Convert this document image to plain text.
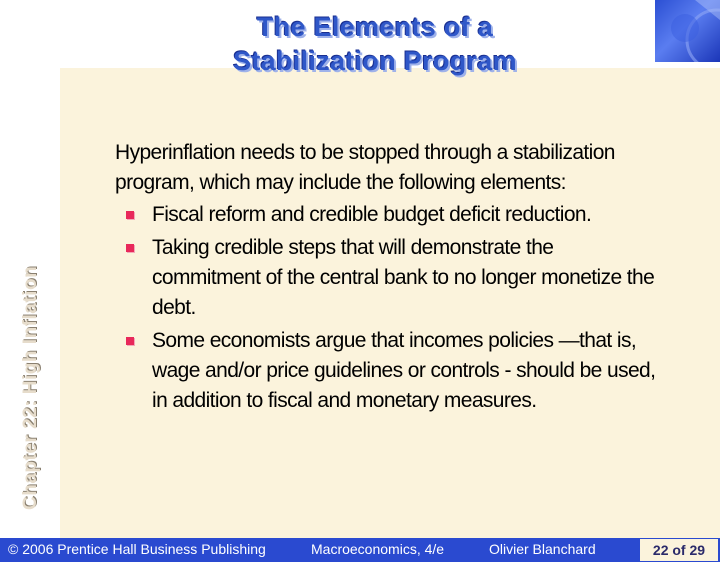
The Elements of a
Stabilization Program
Chapter 22: High Inflation

Hyperinflation needs to be stopped through a stabilization program, which may include the following elements:

Fiscal reform and credible budget deficit reduction.
Taking credible steps that will demonstrate the commitment of the central bank to no longer monetize the debt.
Some economists argue that incomes policies —that is, wage and/or price guidelines or controls - should be used, in addition to fiscal and monetary measures.
© 2006 Prentice Hall Business Publishing	Macroeconomics, 4/e	Olivier Blanchard	22 of 29
